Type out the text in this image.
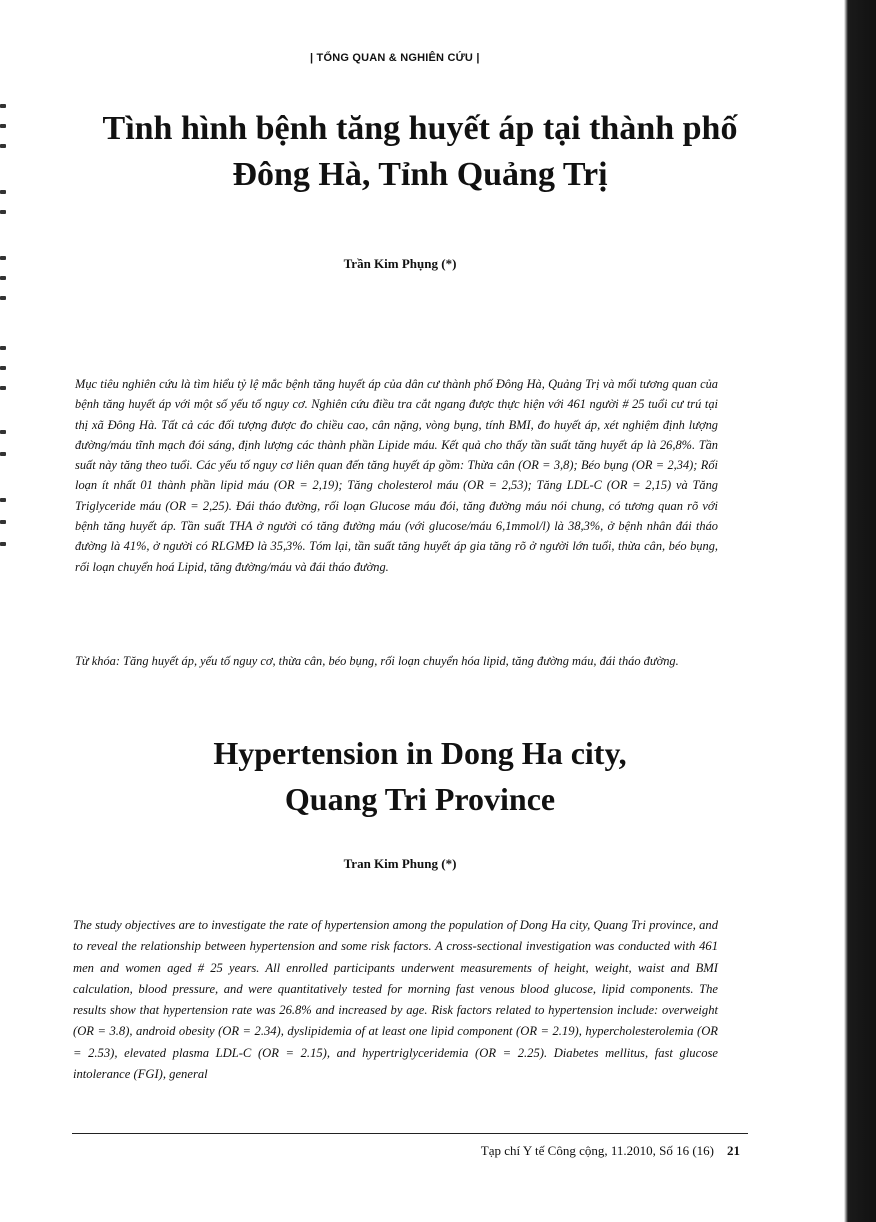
| TỔNG QUAN & NGHIÊN CỨU |
Tình hình bệnh tăng huyết áp tại thành phố
Đông Hà, Tỉnh Quảng Trị
Trần Kim Phụng (*)
Mục tiêu nghiên cứu là tìm hiểu tỷ lệ mắc bệnh tăng huyết áp của dân cư thành phố Đông Hà, Quảng Trị và mối tương quan của bệnh tăng huyết áp với một số yếu tố nguy cơ. Nghiên cứu điều tra cắt ngang được thực hiện với 461 người # 25 tuổi cư trú tại thị xã Đông Hà. Tất cả các đối tượng được đo chiều cao, cân nặng, vòng bụng, tính BMI, đo huyết áp, xét nghiệm định lượng đường/máu tĩnh mạch đói sáng, định lượng các thành phần Lipide máu. Kết quả cho thấy tần suất tăng huyết áp là 26,8%. Tần suất này tăng theo tuổi. Các yếu tố nguy cơ liên quan đến tăng huyết áp gồm: Thừa cân (OR = 3,8); Béo bụng (OR = 2,34); Rối loạn ít nhất 01 thành phần lipid máu (OR = 2,19); Tăng cholesterol máu (OR = 2,53); Tăng LDL-C (OR = 2,15) và Tăng Triglyceride máu (OR = 2,25). Đái tháo đường, rối loạn Glucose máu đói, tăng đường máu nói chung, có tương quan rõ với bệnh tăng huyết áp. Tần suất THA ở người có tăng đường máu (với glucose/máu 6,1mmol/l) là 38,3%, ở bệnh nhân đái tháo đường là 41%, ở người có RLGMĐ là 35,3%. Tóm lại, tần suất tăng huyết áp gia tăng rõ ở người lớn tuổi, thừa cân, béo bụng, rối loạn chuyển hoá Lipid, tăng đường/máu và đái tháo đường.
Từ khóa: Tăng huyết áp, yếu tố nguy cơ, thừa cân, béo bụng, rối loạn chuyển hóa lipid, tăng đường máu, đái tháo đường.
Hypertension in Dong Ha city,
Quang Tri Province
Tran Kim Phung (*)
The study objectives are to investigate the rate of hypertension among the population of Dong Ha city, Quang Tri province, and to reveal the relationship between hypertension and some risk factors. A cross-sectional investigation was conducted with 461 men and women aged # 25 years. All enrolled participants underwent measurements of height, weight, waist and BMI calculation, blood pressure, and were quantitatively tested for morning fast venous blood glucose, lipid components. The results show that hypertension rate was 26.8% and increased by age. Risk factors related to hypertension include: overweight (OR = 3.8), android obesity (OR = 2.34), dyslipidemia of at least one lipid component (OR = 2.19), hypercholesterolemia (OR = 2.53), elevated plasma LDL-C (OR = 2.15), and hypertriglyceridemia (OR = 2.25). Diabetes mellitus, fast glucose intolerance (FGI), general
Tạp chí Y tế Công cộng, 11.2010, Số 16 (16) 21
